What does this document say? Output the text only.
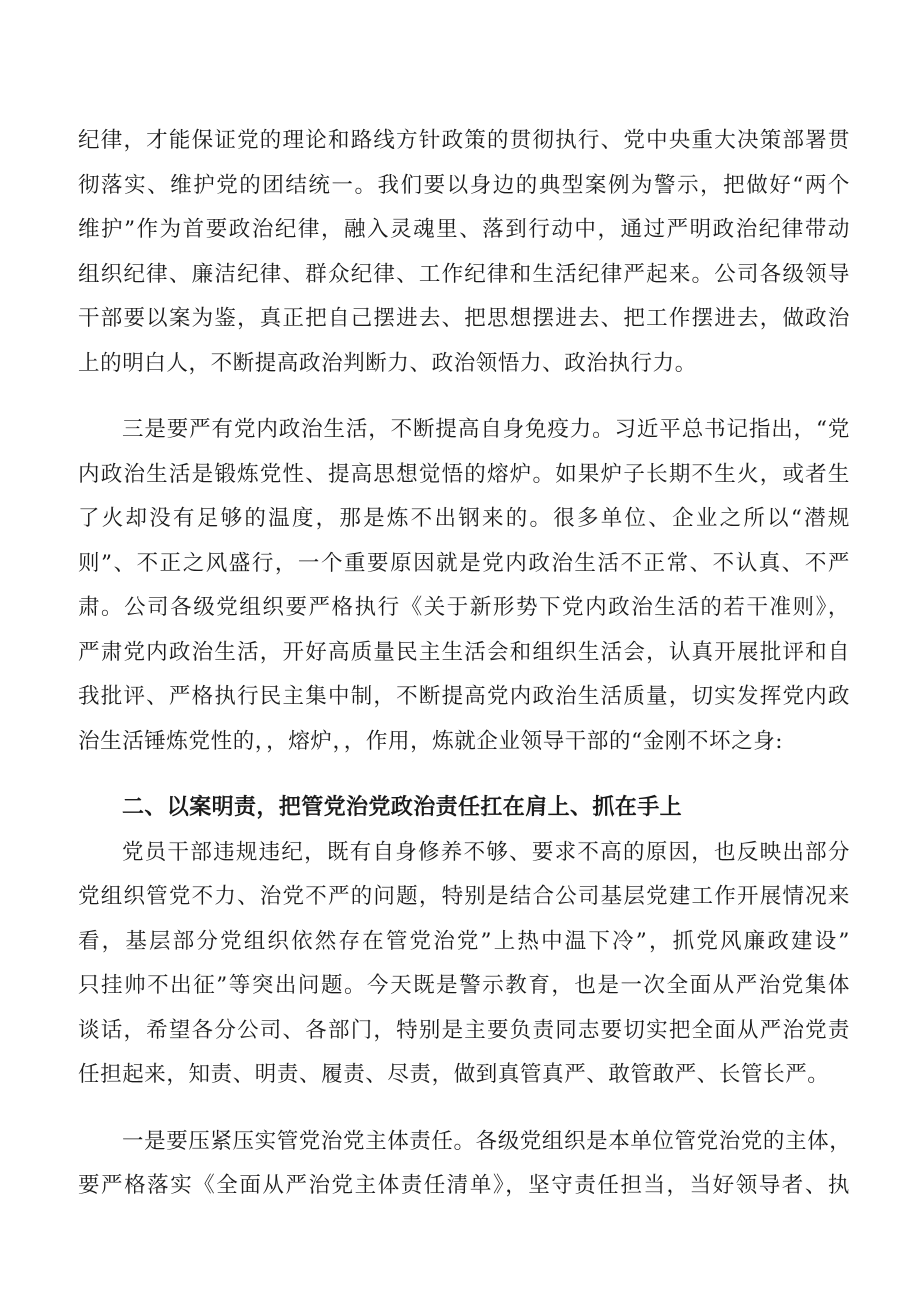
纪律，才能保证党的理论和路线方针政策的贯彻执行、党中央重大决策部署贯
彻落实、维护党的团结统一。我们要以身边的典型案例为警示，把做好“两个
维护”作为首要政治纪律，融入灵魂里、落到行动中，通过严明政治纪律带动
组织纪律、廉洁纪律、群众纪律、工作纪律和生活纪律严起来。公司各级领导
干部要以案为鉴，真正把自己摆进去、把思想摆进去、把工作摆进去，做政治
上的明白人，不断提高政治判断力、政治领悟力、政治执行力。
三是要严有党内政治生活，不断提高自身免疫力。习近平总书记指出，“党
内政治生活是锻炼党性、提高思想觉悟的熔炉。如果炉子长期不生火，或者生
了火却没有足够的温度，那是炼不出钢来的。很多单位、企业之所以“潜规
则”、不正之风盛行，一个重要原因就是党内政治生活不正常、不认真、不严
肃。公司各级党组织要严格执行《关于新形势下党内政治生活的若干准则》，
严肃党内政治生活，开好高质量民主生活会和组织生活会，认真开展批评和自
我批评、严格执行民主集中制，不断提高党内政治生活质量，切实发挥党内政
治生活锤炼党性的，，熔炉，，作用，炼就企业领导干部的“金刚不坏之身:
二、以案明责，把管党治党政治责任扛在肩上、抓在手上
党员干部违规违纪，既有自身修养不够、要求不高的原因，也反映出部分
党组织管党不力、治党不严的问题，特别是结合公司基层党建工作开展情况来
看，基层部分党组织依然存在管党治党”上热中温下冷”，抓党风廉政建设”
只挂帅不出征”等突出问题。今天既是警示教育，也是一次全面从严治党集体
谈话，希望各分公司、各部门，特别是主要负责同志要切实把全面从严治党责
任担起来，知责、明责、履责、尽责，做到真管真严、敢管敢严、长管长严。
一是要压紧压实管党治党主体责任。各级党组织是本单位管党治党的主体，
要严格落实《全面从严治党主体责任清单》，坚守责任担当，当好领导者、执
